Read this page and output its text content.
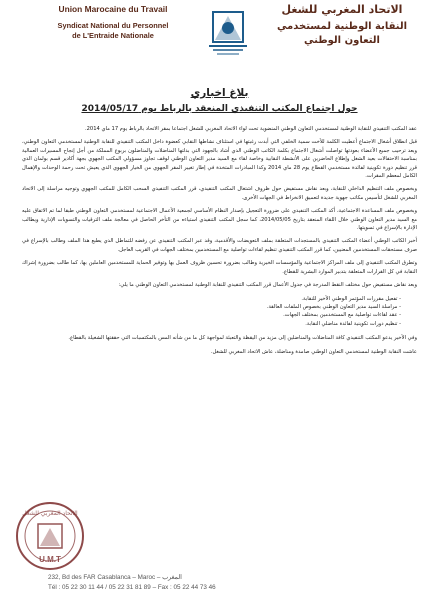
Union Marocaine du Travail
Syndicat National du Personnel
de L'Entraide Nationale
الاتحاد المغربي للشغل
النقابة الوطنية لمستخدمي
التعاون الوطني
بلاغ اخباري
حول اجتماع المكتب التنفيذي المنعقد بالرباط يوم 2014/05/17

عقد المكتب التنفيذي للنقابة الوطنية لمستخدمي التعاون الوطني المنضوية تحت لواء الاتحاد المغربي للشغل اجتماعا بمقر الاتحاد بالرباط يوم 17 ماي 2014.

قبل انطلاق أشغال الاجتماع أعطيت الكلمة للأخت سمية الخلفي التي أبدت رغبتها في استئناف نشاطها النقابي كعضوة داخل المكتب التنفيذي للنقابة الوطنية لمستخدمي التعاون الوطني، وبعد ترحيب جميع الأعضاء بعودتها تواصلت أشغال الاجتماع بكلمة الكاتب الوطني الذي أشاد بالجهود التي بذلتها المناضلات والمناضلون بربوع المملكة من أجل إنجاح المسيرات العمالية بمناسبة الاحتفالات بعيد الشغل وإطلاع الحاضرين على الأنشطة النقابية وخاصة لقاء مع السيد مدير التعاون الوطني لوقف تجاوز مسؤولي المكتب الجهوي بجهة أكادير قسم بولمان الذي قرر تنظيم دورة تكوينية لفائدة مستخدمي القطاع يوم 28 ماي 2014 وكذا المبادرات المتخذة في إطار تغيير المقر الجهوي من الخيار الجهوي الذي يعيش تحت رحمة الوحدات والإهمال الكامل لمعظم المقرات.

وبخصوص ملف التنظيم الداخلي للنقابة، وبعد نقاش مستفيض حول ظروف اشتغال المكتب التنفيذي، قرر المكتب التنفيذي السحب الكامل للمكتب الجهوي وتوجيه مراسلة إلى الاتحاد المغربي للشغل لتأسيس مكاتب جهوية جديدة لتعميق الانخراط في الجهات الأخرى.

وبخصوص ملف المساعدة الاجتماعية، أكد المكتب التنفيذي على ضرورة التعجيل بإصدار النظام الأساسي لجمعية الأعمال الاجتماعية لمستخدمي التعاون الوطني طبقا لما تم الاتفاق عليه مع السيد مدير التعاون الوطني خلال اللقاء المنعقد بتاريخ 2014/05/05، كما سجل المكتب التنفيذي استياءه من التأخر الحاصل في معالجة ملف الترقيات والتسويات الإدارية ويطالب الإدارة بالإسراع في تسويتها.

أخبر الكاتب الوطني أعضاء المكتب التنفيذي بالمستجدات المتعلقة بملف التعويضات والأقدمية، وقد عبر المكتب التنفيذي عن رفضه للتماطل الذي يطبع هذا الملف وطالب بالإسراع في صرف مستحقات المستخدمين المعنيين، كما قرر المكتب التنفيذي تنظيم لقاءات تواصلية مع المستخدمين بمختلف الجهات في القريب العاجل.

وتطرق المكتب التنفيذي إلى ملف المراكز الاجتماعية والمؤسسات الخيرية وطالب بضرورة تحسين ظروف العمل بها وتوفير الحماية للمستخدمين العاملين بها، كما طالب بضرورة إشراك النقابة في كل القرارات المتعلقة بتدبير الموارد البشرية للقطاع.

وبعد نقاش مستفيض حول مختلف النقط المدرجة في جدول الأعمال قرر المكتب التنفيذي للنقابة الوطنية لمستخدمي التعاون الوطني ما يلي:

- تفعيل مقررات المؤتمر الوطني الأخير للنقابة.
- مراسلة السيد مدير التعاون الوطني بخصوص الملفات العالقة.
- عقد لقاءات تواصلية مع المستخدمين بمختلف الجهات.
- تنظيم دورات تكوينية لفائدة مناضلي النقابة.

وفي الأخير يدعو المكتب التنفيذي كافة المناضلات والمناضلين إلى مزيد من اليقظة والتعبئة لمواجهة كل ما من شأنه المس بالمكتسبات التي حققتها الشغيلة بالقطاع.

عاشت النقابة الوطنية لمستخدمي التعاون الوطني صامدة ومناضلة، عاش الاتحاد المغربي للشغل.

U.M.T
الاتحاد المغربي للشغل
232, Bd des FAR Casablanca – Maroc – المغرب
Tél : 05 22 30 11 44 / 05 22 31 81 89 – Fax : 05 22 44 73 46
